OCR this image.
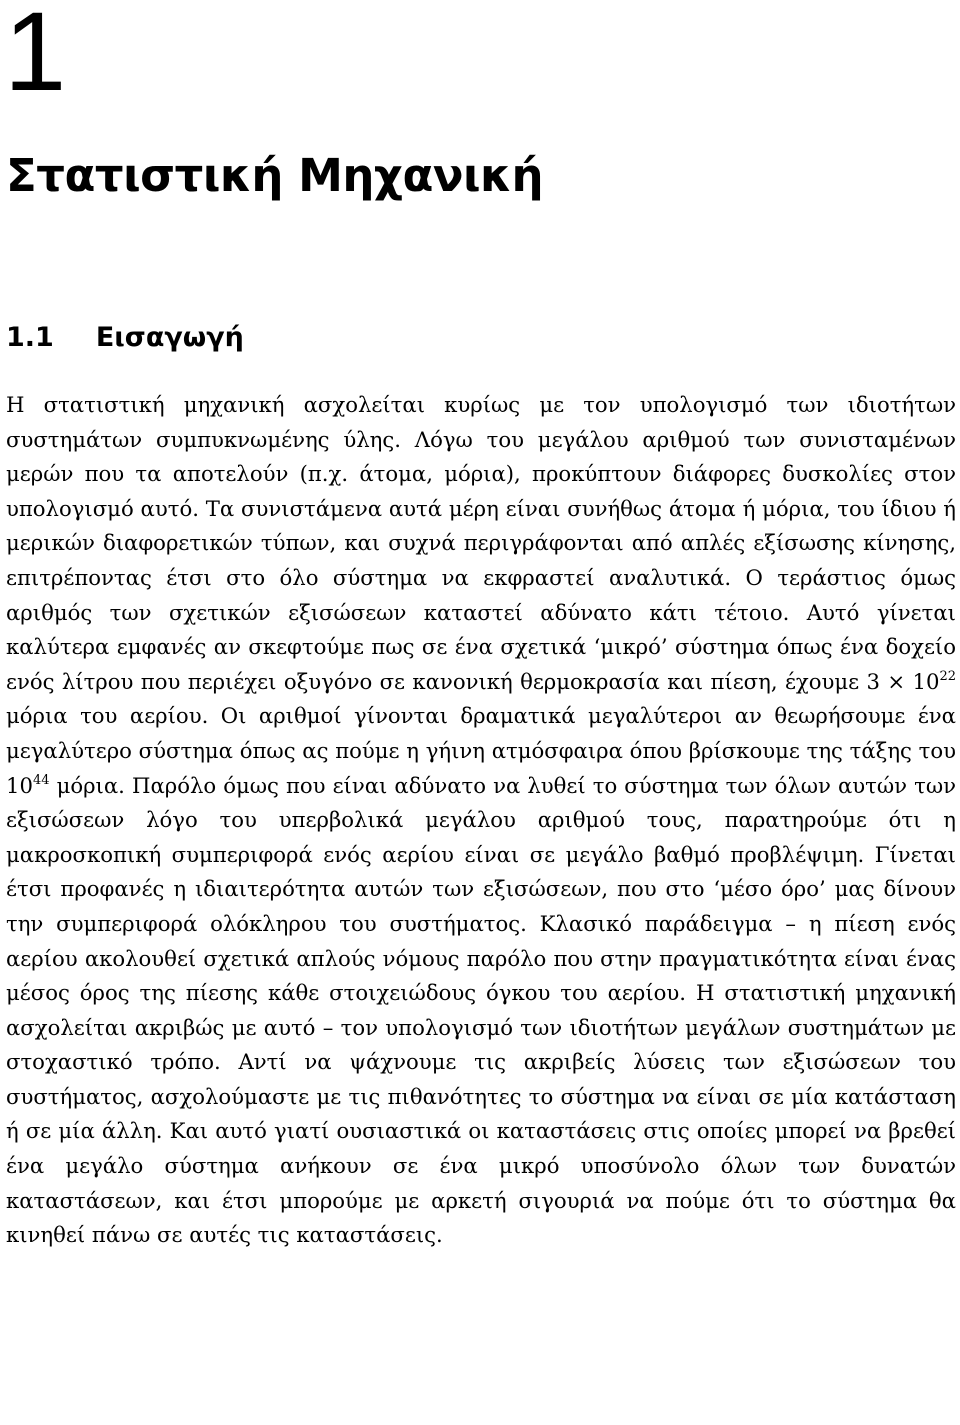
1
Στατιστική Μηχανική
1.1 Εισαγωγή

Η στατιστική μηχανική ασχολείται κυρίως με τον υπολογισμό των ιδιοτήτων συστημάτων συμπυκνωμένης ύλης. Λόγω του μεγάλου αριθμού των συνισταμένων μερών που τα αποτελούν (π.χ. άτομα, μόρια), προκύπτουν διάφορες δυσκολίες στον υπολογισμό αυτό. Τα συνιστάμενα αυτά μέρη είναι συνήθως άτομα ή μόρια, του ίδιου ή μερικών διαφορετικών τύπων, και συχνά περιγράφονται από απλές εξίσωσης κίνησης, επιτρέποντας έτσι στο όλο σύστημα να εκφραστεί αναλυτικά. Ο τεράστιος όμως αριθμός των σχετικών εξισώσεων καταστεί αδύνατο κάτι τέτοιο. Αυτό γίνεται καλύτερα εμφανές αν σκεφτούμε πως σε ένα σχετικά ‘μικρό’ σύστημα όπως ένα δοχείο ενός λίτρου που περιέχει οξυγόνο σε κανονική θερμοκρασία και πίεση, έχουμε $3 \times 10^{22}$ μόρια του αερίου. Οι αριθμοί γίνονται δραματικά μεγαλύτεροι αν θεωρήσουμε ένα μεγαλύτερο σύστημα όπως ας πούμε η γήινη ατμόσφαιρα όπου βρίσκουμε της τάξης του $10^{44}$ μόρια. Παρόλο όμως που είναι αδύνατο να λυθεί το σύστημα των όλων αυτών των εξισώσεων λόγο του υπερβολικά μεγάλου αριθμού τους, παρατηρούμε ότι η μακροσκοπική συμπεριφορά ενός αερίου είναι σε μεγάλο βαθμό προβλέψιμη. Γίνεται έτσι προφανές η ιδιαιτερότητα αυτών των εξισώσεων, που στο ‘μέσο όρο’ μας δίνουν την συμπεριφορά ολόκληρου του συστήματος. Κλασικό παράδειγμα – η πίεση ενός αερίου ακολουθεί σχετικά απλούς νόμους παρόλο που στην πραγματικότητα είναι ένας μέσος όρος της πίεσης κάθε στοιχειώδους όγκου του αερίου. Η στατιστική μηχανική ασχολείται ακριβώς με αυτό – τον υπολογισμό των ιδιοτήτων μεγάλων συστημάτων με στοχαστικό τρόπο. Αντί να ψάχνουμε τις ακριβείς λύσεις των εξισώσεων του συστήματος, ασχολούμαστε με τις πιθανότητες το σύστημα να είναι σε μία κατάσταση ή σε μία άλλη. Και αυτό γιατί ουσιαστικά οι καταστάσεις στις οποίες μπορεί να βρεθεί ένα μεγάλο σύστημα ανήκουν σε ένα μικρό υποσύνολο όλων των δυνατών καταστάσεων, και έτσι μπορούμε με αρκετή σιγουριά να πούμε ότι το σύστημα θα κινηθεί πάνω σε αυτές τις καταστάσεις.
